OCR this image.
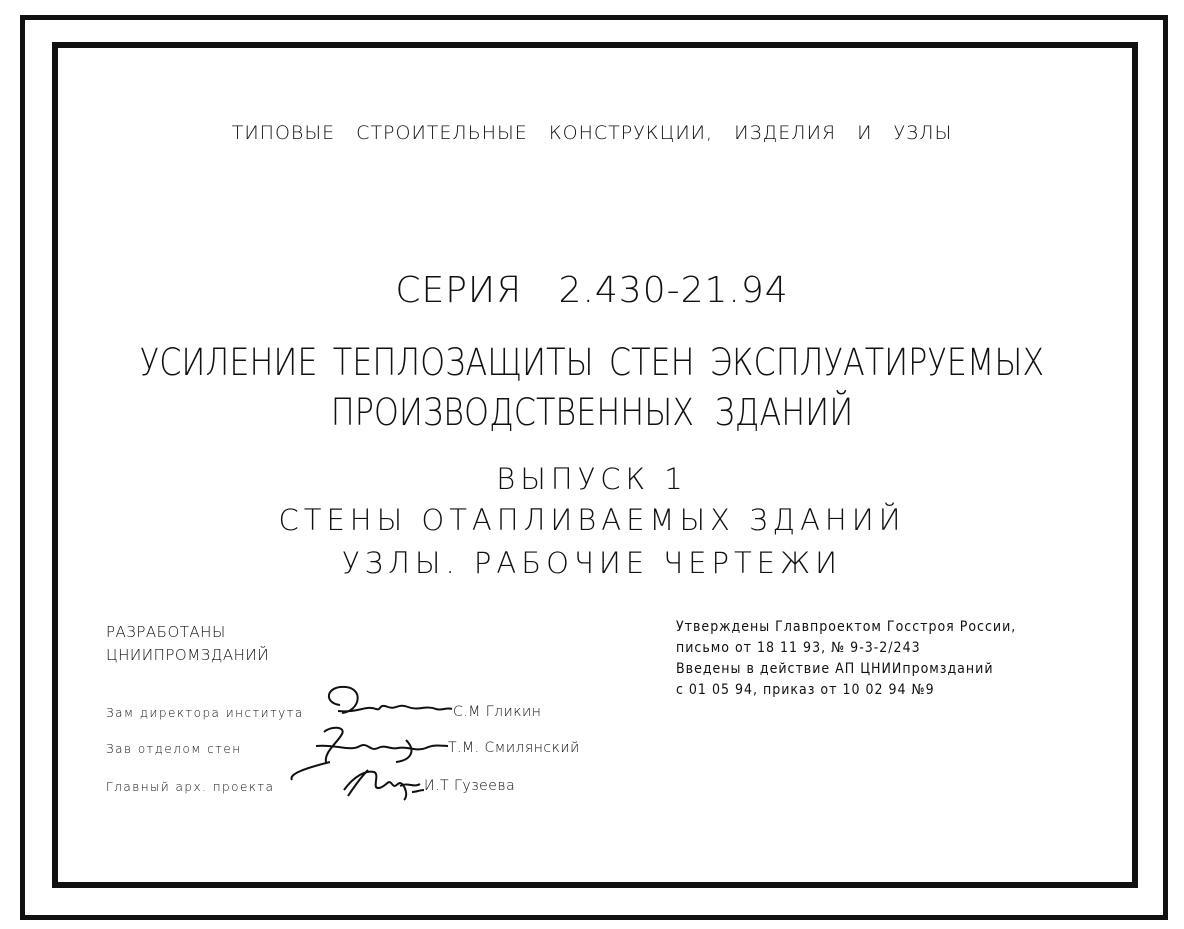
ТИПОВЫЕ СТРОИТЕЛЬНЫЕ КОНСТРУКЦИИ, ИЗДЕЛИЯ И УЗЛЫ
СЕРИЯ 2.430-21.94
УСИЛЕНИЕ ТЕПЛОЗАЩИТЫ СТЕН ЭКСПЛУАТИРУЕМЫХ
ПРОИЗВОДСТВЕННЫХ ЗДАНИЙ
ВЫПУСК 1
СТЕНЫ ОТАПЛИВАЕМЫХ ЗДАНИЙ
УЗЛЫ. РАБОЧИЕ ЧЕРТЕЖИ
РАЗРАБОТАНЫ
ЦНИИПРОМЗДАНИЙ
Утверждены Главпроектом Госстроя России,
письмо от 18 11 93, № 9-3-2/243
Введены в действие АП ЦНИИпромзданий
с 01 05 94, приказ от 10 02 94 №9
Зам директора института	С.М Гликин
Зав отделом стен	Т.М. Смилянский
Главный арх. проекта	И.Т Гузеева
